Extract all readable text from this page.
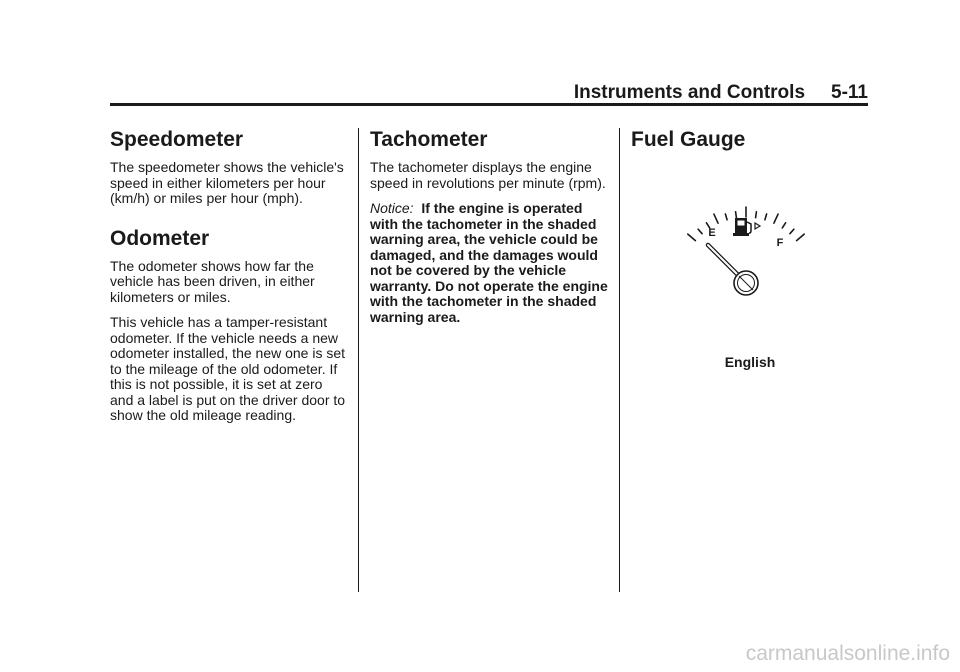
Instruments and Controls 5-11
Speedometer

The speedometer shows the vehicle's speed in either kilometers per hour (km/h) or miles per hour (mph).

Odometer

The odometer shows how far the vehicle has been driven, in either kilometers or miles.

This vehicle has a tamper-resistant odometer. If the vehicle needs a new odometer installed, the new one is set to the mileage of the old odometer. If this is not possible, it is set at zero and a label is put on the driver door to show the old mileage reading.

Tachometer

The tachometer displays the engine speed in revolutions per minute (rpm).

Notice: If the engine is operated with the tachometer in the shaded warning area, the vehicle could be damaged, and the damages would not be covered by the vehicle warranty. Do not operate the engine with the tachometer in the shaded warning area.

Fuel Gauge
E
F
English
carmanualsonline.info
